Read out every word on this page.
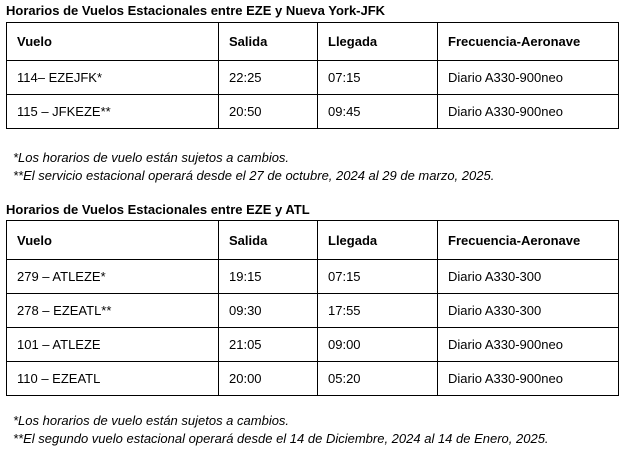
Horarios de Vuelos Estacionales entre EZE y Nueva York-JFK
Vuelo	Salida	Llegada	Frecuencia-Aeronave
114– EZEJFK*	22:25	07:15	Diario A330-900neo
115 – JFKEZE**	20:50	09:45	Diario A330-900neo
*Los horarios de vuelo están sujetos a cambios.
**El servicio estacional operará desde el 27 de octubre, 2024 al 29 de marzo, 2025.
Horarios de Vuelos Estacionales entre EZE y ATL
Vuelo	Salida	Llegada	Frecuencia-Aeronave
279 – ATLEZE*	19:15	07:15	Diario A330-300
278 – EZEATL**	09:30	17:55	Diario A330-300
101 – ATLEZE	21:05	09:00	Diario A330-900neo
110 – EZEATL	20:00	05:20	Diario A330-900neo
*Los horarios de vuelo están sujetos a cambios.
**El segundo vuelo estacional operará desde el 14 de Diciembre, 2024 al 14 de Enero, 2025.
